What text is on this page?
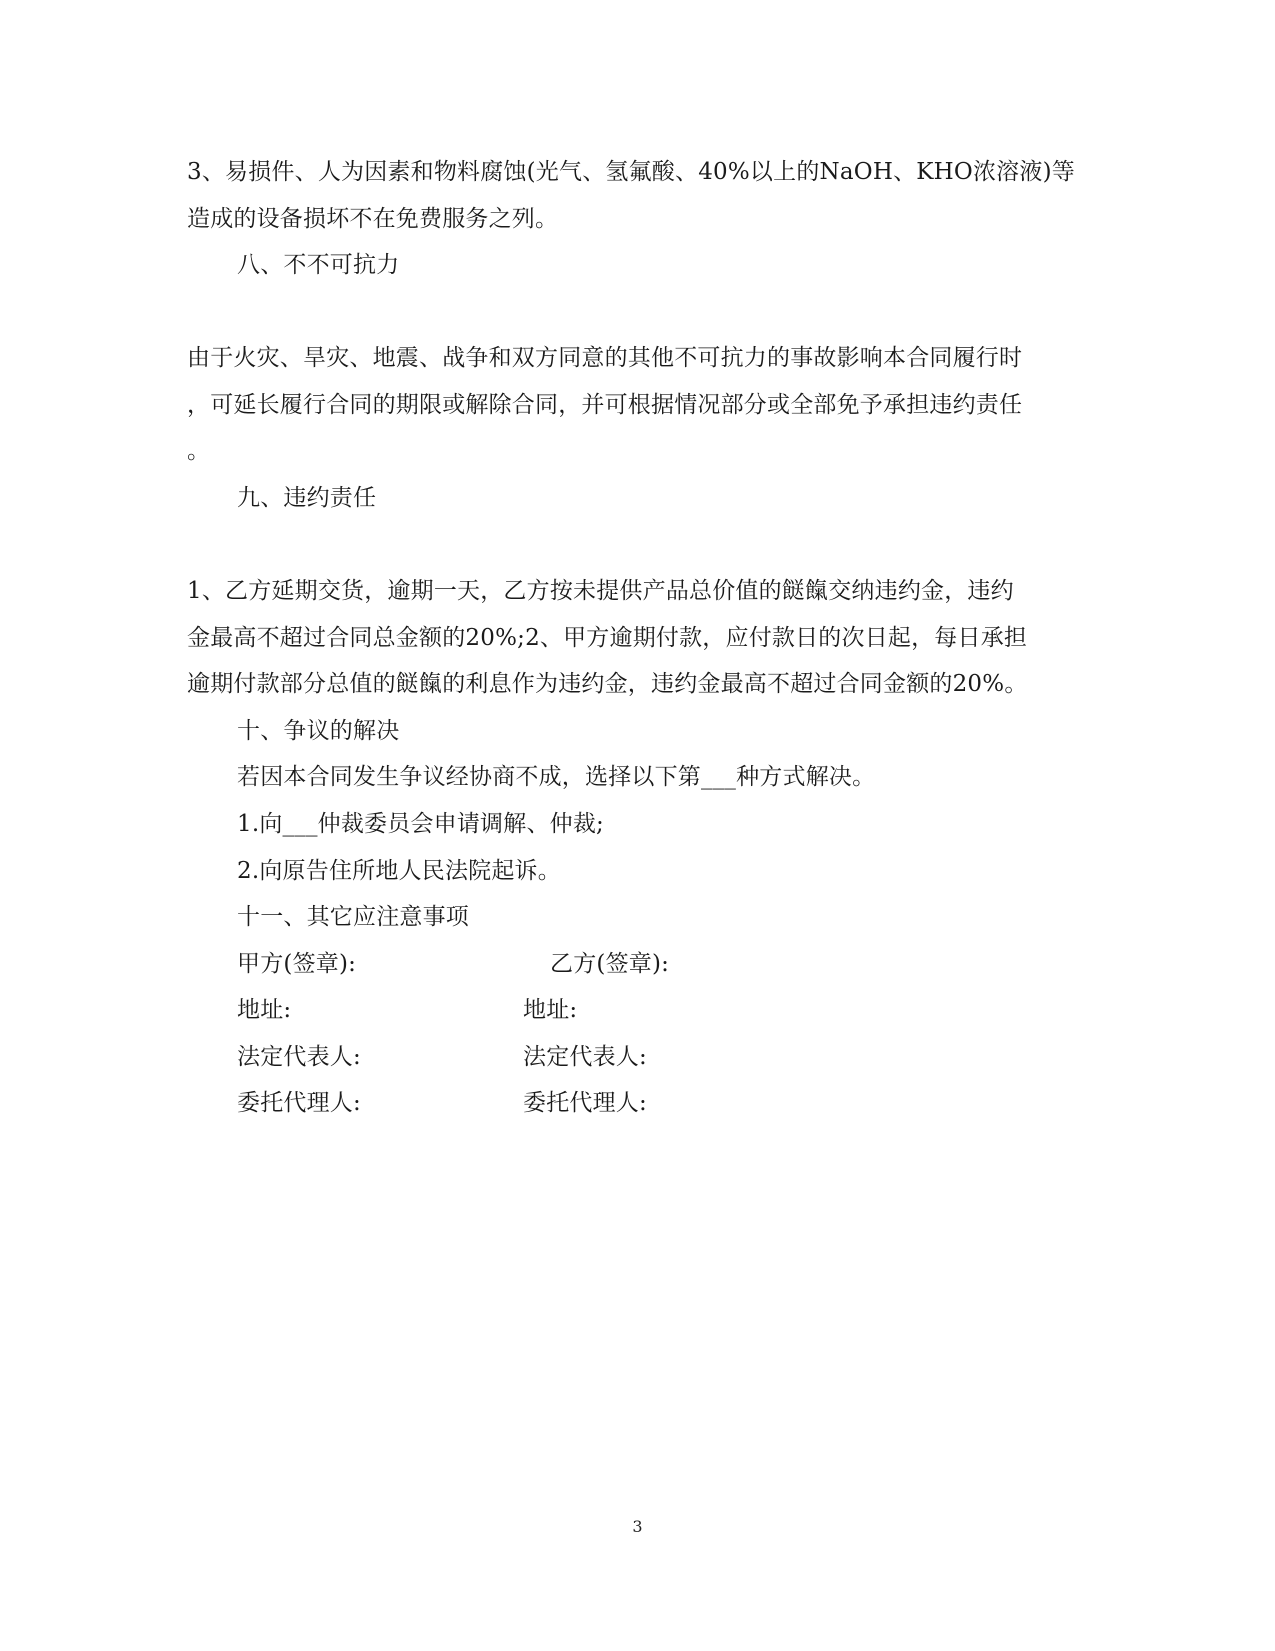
3、易损件、人为因素和物料腐蚀(光气、氢氟酸、40%以上的NaOH、KHO浓溶液)等
造成的设备损坏不在免费服务之列。
八、不不可抗力
由于火灾、旱灾、地震、战争和双方同意的其他不可抗力的事故影响本合同履行时
，可延长履行合同的期限或解除合同，并可根据情况部分或全部免予承担违约责任
。
九、违约责任
1、乙方延期交货，逾期一天，乙方按未提供产品总价值的餸餼交纳违约金，违约
金最高不超过合同总金额的20%;2、甲方逾期付款，应付款日的次日起，每日承担
逾期付款部分总值的餸餼的利息作为违约金，违约金最高不超过合同金额的20%。
十、争议的解决
若因本合同发生争议经协商不成，选择以下第___种方式解决。
1.向___仲裁委员会申请调解、仲裁;
2.向原告住所地人民法院起诉。
十一、其它应注意事项
甲方(签章):	乙方(签章):
地址:	地址:
法定代表人:	法定代表人:
委托代理人:	委托代理人:
3
